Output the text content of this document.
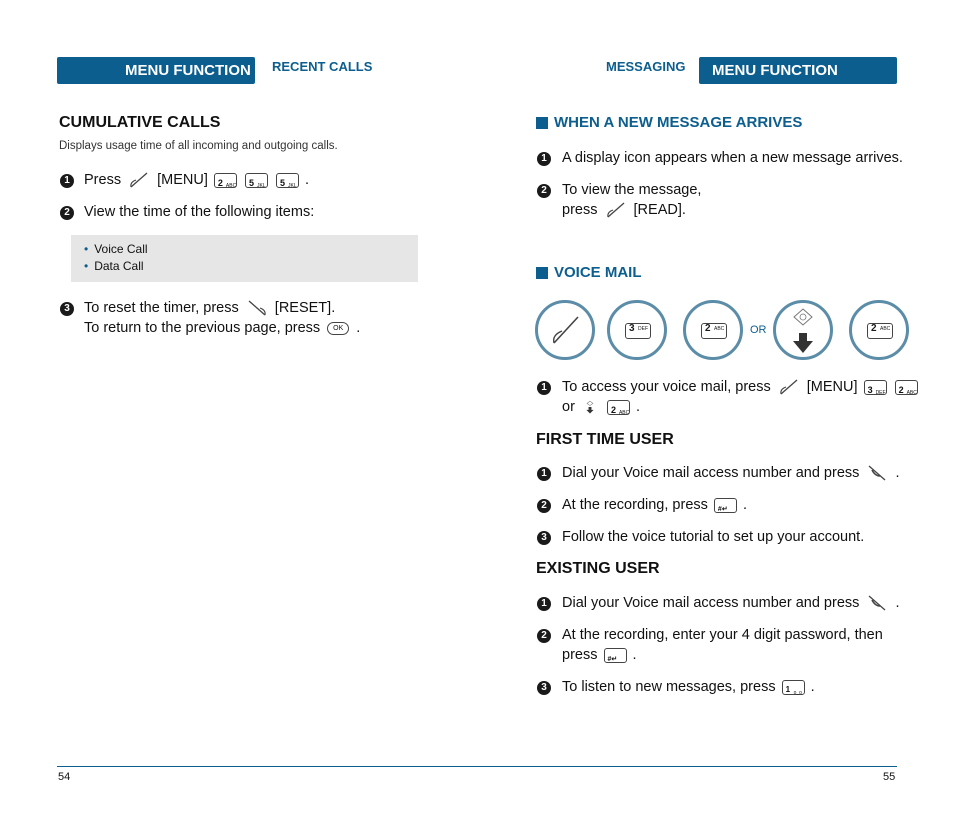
MENU FUNCTION RECENT CALLS
CUMULATIVE CALLS
Displays usage time of all incoming and outgoing calls.
1 Press [MENU] 2 ABC
5 JKL
5 JKL .
2 View the time of the following items:
• Voice Call
• Data Call
3 To reset the timer, press [RESET].
To return to the previous page, press OK .
54
MESSAGING MENU FUNCTION
WHEN A NEW MESSAGE ARRIVES
1 A display icon appears when a new message arrives.
2 To view the message,
press [READ].
VOICE MAIL
3 DEF	2 ABC OR	2 ABC
1 To access your voice mail, press [MENU] 3 DEF
2 ABC
or	2 ABC .
FIRST TIME USER
1 Dial your Voice mail access number and press .
2 At the recording, press #↵ .
3 Follow the voice tutorial to set up your account.
EXISTING USER
1 Dial your Voice mail access number and press .
2 At the recording, enter your 4 digit password, then
press #↵ .
3 To listen to new messages, press 1 o_o .
55
